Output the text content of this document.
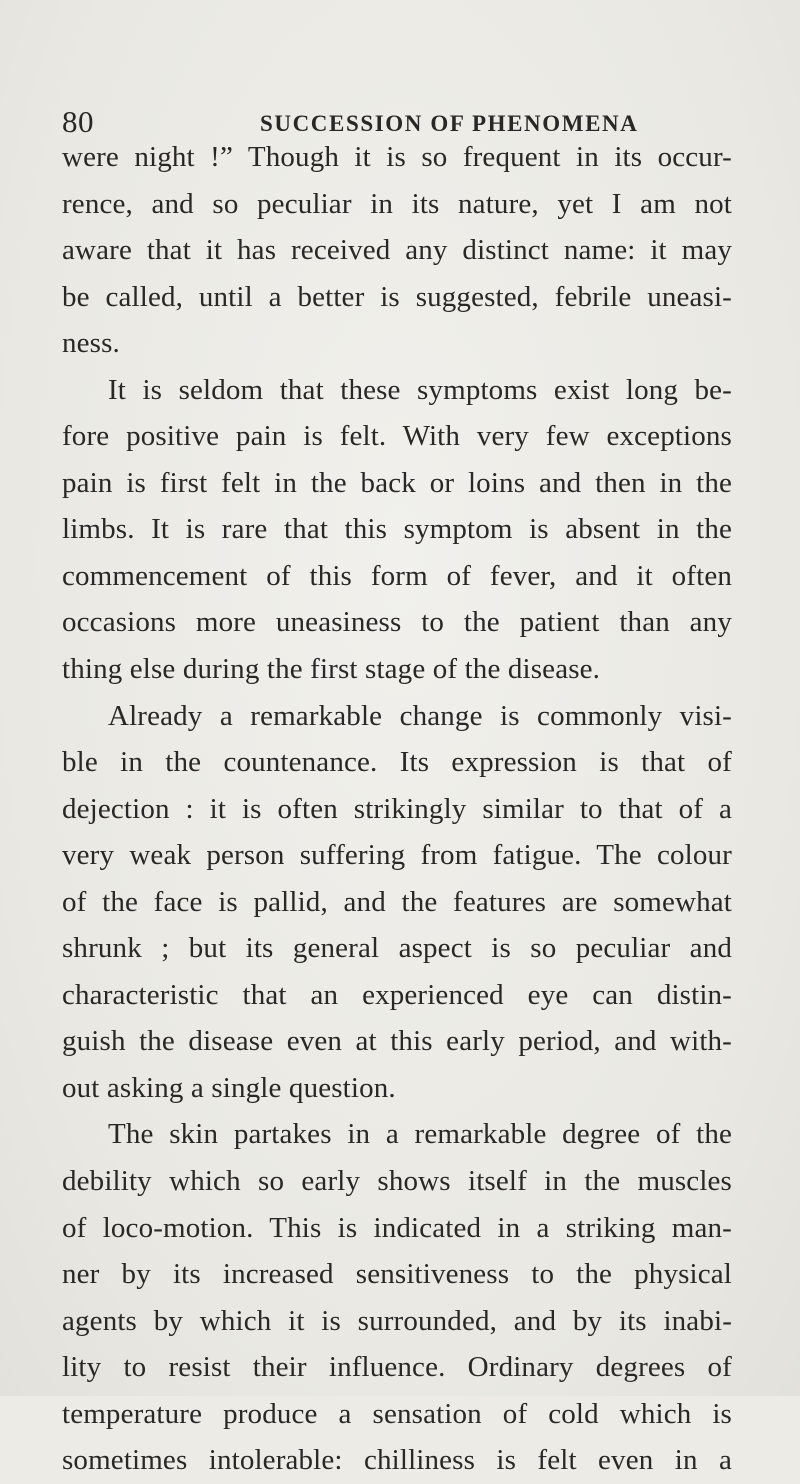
80	SUCCESSION OF PHENOMENA
were night !” Though it is so frequent in its occur-
rence, and so peculiar in its nature, yet I am not
aware that it has received any distinct name: it may
be called, until a better is suggested, febrile uneasi-
ness.
It is seldom that these symptoms exist long be-
fore positive pain is felt. With very few exceptions
pain is first felt in the back or loins and then in the
limbs. It is rare that this symptom is absent in the
commencement of this form of fever, and it often
occasions more uneasiness to the patient than any
thing else during the first stage of the disease.
Already a remarkable change is commonly visi-
ble in the countenance. Its expression is that of
dejection : it is often strikingly similar to that of a
very weak person suffering from fatigue. The colour
of the face is pallid, and the features are somewhat
shrunk ; but its general aspect is so peculiar and
characteristic that an experienced eye can distin-
guish the disease even at this early period, and with-
out asking a single question.
The skin partakes in a remarkable degree of the
debility which so early shows itself in the muscles
of loco-motion. This is indicated in a striking man-
ner by its increased sensitiveness to the physical
agents by which it is surrounded, and by its inabi-
lity to resist their influence. Ordinary degrees of
temperature produce a sensation of cold which is
sometimes intolerable: chilliness is felt even in a
